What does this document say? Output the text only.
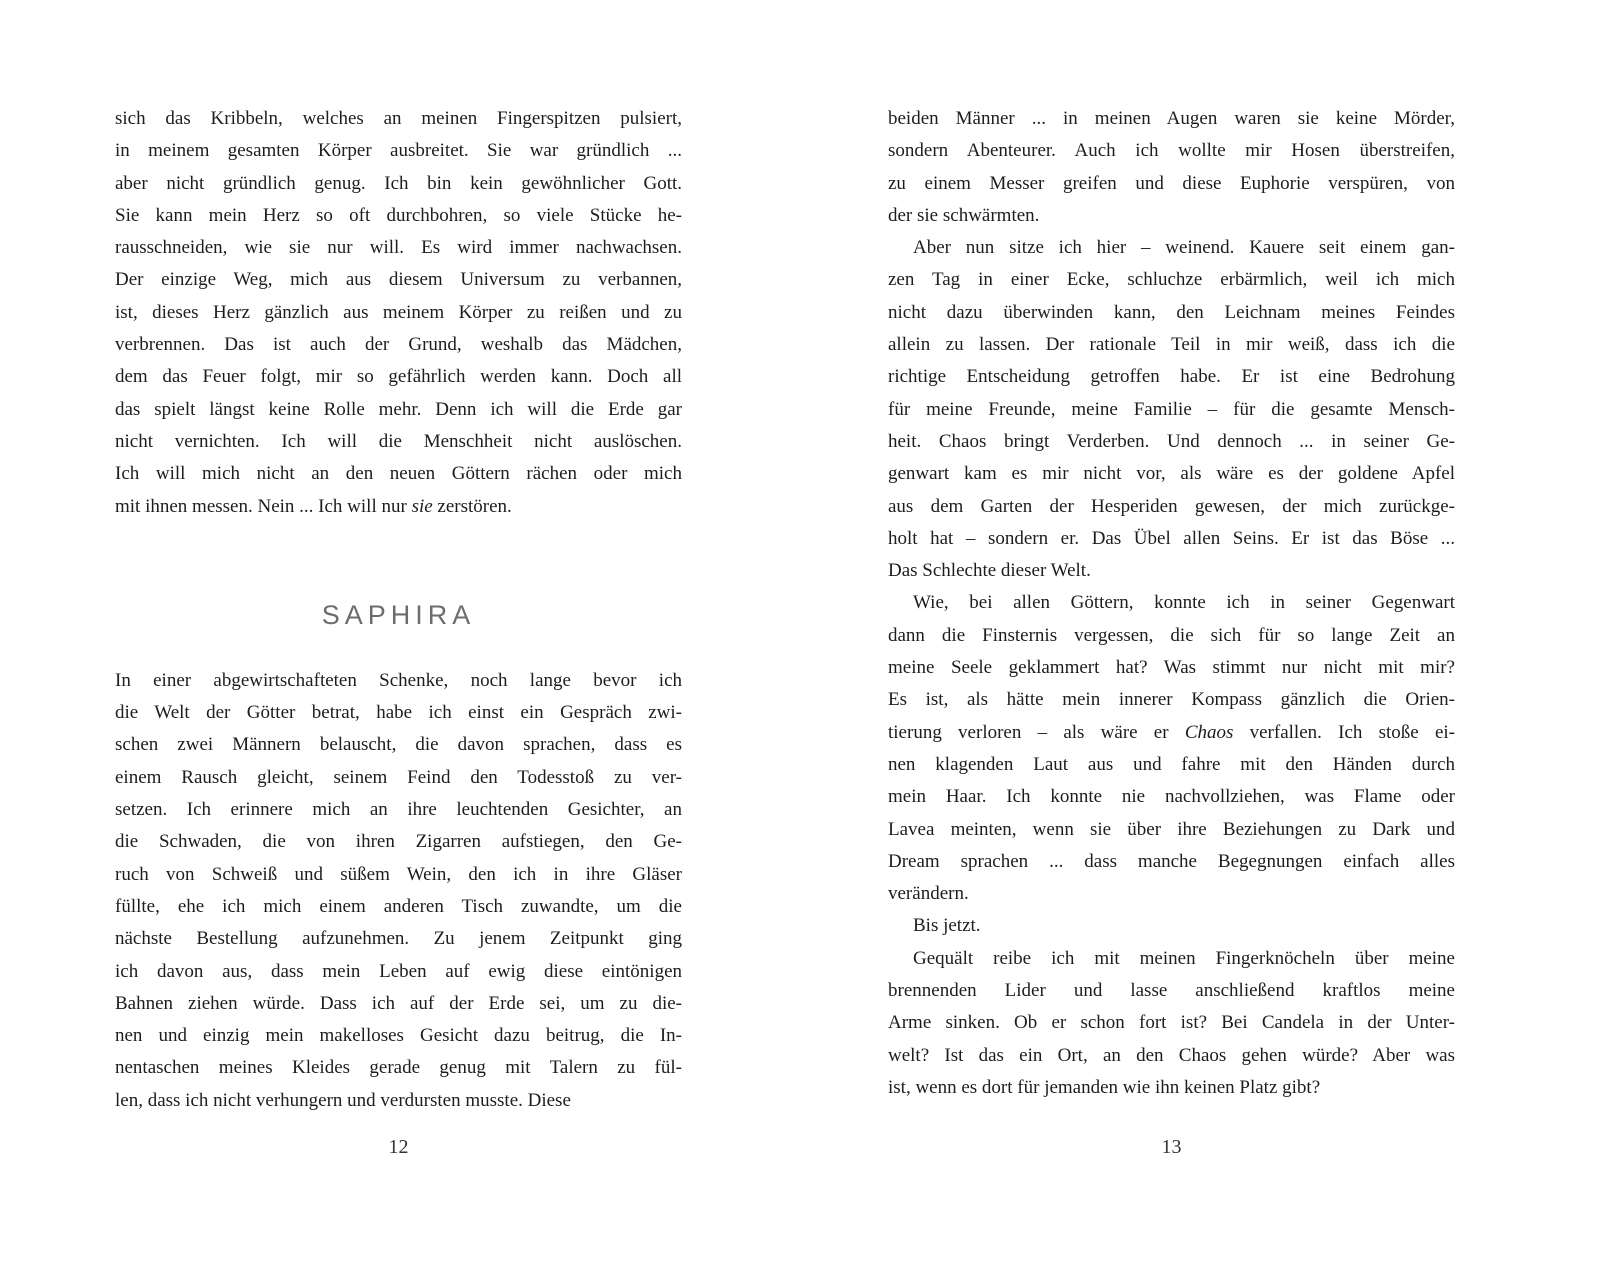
sich das Kribbeln, welches an meinen Fingerspitzen pulsiert,
in meinem gesamten Körper ausbreitet. Sie war gründlich ...
aber nicht gründlich genug. Ich bin kein gewöhnlicher Gott.
Sie kann mein Herz so oft durchbohren, so viele Stücke he-
rausschneiden, wie sie nur will. Es wird immer nachwachsen.
Der einzige Weg, mich aus diesem Universum zu verbannen,
ist, dieses Herz gänzlich aus meinem Körper zu reißen und zu
verbrennen. Das ist auch der Grund, weshalb das Mädchen,
dem das Feuer folgt, mir so gefährlich werden kann. Doch all
das spielt längst keine Rolle mehr. Denn ich will die Erde gar
nicht vernichten. Ich will die Menschheit nicht auslöschen.
Ich will mich nicht an den neuen Göttern rächen oder mich
mit ihnen messen. Nein ... Ich will nur sie zerstören.
SAPHIRA
In einer abgewirtschafteten Schenke, noch lange bevor ich
die Welt der Götter betrat, habe ich einst ein Gespräch zwi-
schen zwei Männern belauscht, die davon sprachen, dass es
einem Rausch gleicht, seinem Feind den Todesstoß zu ver-
setzen. Ich erinnere mich an ihre leuchtenden Gesichter, an
die Schwaden, die von ihren Zigarren aufstiegen, den Ge-
ruch von Schweiß und süßem Wein, den ich in ihre Gläser
füllte, ehe ich mich einem anderen Tisch zuwandte, um die
nächste Bestellung aufzunehmen. Zu jenem Zeitpunkt ging
ich davon aus, dass mein Leben auf ewig diese eintönigen
Bahnen ziehen würde. Dass ich auf der Erde sei, um zu die-
nen und einzig mein makelloses Gesicht dazu beitrug, die In-
nentaschen meines Kleides gerade genug mit Talern zu fül-
len, dass ich nicht verhungern und verdursten musste. Diese
beiden Männer ... in meinen Augen waren sie keine Mörder,
sondern Abenteurer. Auch ich wollte mir Hosen überstreifen,
zu einem Messer greifen und diese Euphorie verspüren, von
der sie schwärmten.
Aber nun sitze ich hier – weinend. Kauere seit einem gan-
zen Tag in einer Ecke, schluchze erbärmlich, weil ich mich
nicht dazu überwinden kann, den Leichnam meines Feindes
allein zu lassen. Der rationale Teil in mir weiß, dass ich die
richtige Entscheidung getroffen habe. Er ist eine Bedrohung
für meine Freunde, meine Familie – für die gesamte Mensch-
heit. Chaos bringt Verderben. Und dennoch ... in seiner Ge-
genwart kam es mir nicht vor, als wäre es der goldene Apfel
aus dem Garten der Hesperiden gewesen, der mich zurückge-
holt hat – sondern er. Das Übel allen Seins. Er ist das Böse ...
Das Schlechte dieser Welt.
Wie, bei allen Göttern, konnte ich in seiner Gegenwart
dann die Finsternis vergessen, die sich für so lange Zeit an
meine Seele geklammert hat? Was stimmt nur nicht mit mir?
Es ist, als hätte mein innerer Kompass gänzlich die Orien-
tierung verloren – als wäre er Chaos verfallen. Ich stoße ei-
nen klagenden Laut aus und fahre mit den Händen durch
mein Haar. Ich konnte nie nachvollziehen, was Flame oder
Lavea meinten, wenn sie über ihre Beziehungen zu Dark und
Dream sprachen ... dass manche Begegnungen einfach alles
verändern.
Bis jetzt.
Gequält reibe ich mit meinen Fingerknöcheln über meine
brennenden Lider und lasse anschließend kraftlos meine
Arme sinken. Ob er schon fort ist? Bei Candela in der Unter-
welt? Ist das ein Ort, an den Chaos gehen würde? Aber was
ist, wenn es dort für jemanden wie ihn keinen Platz gibt?
12	13
